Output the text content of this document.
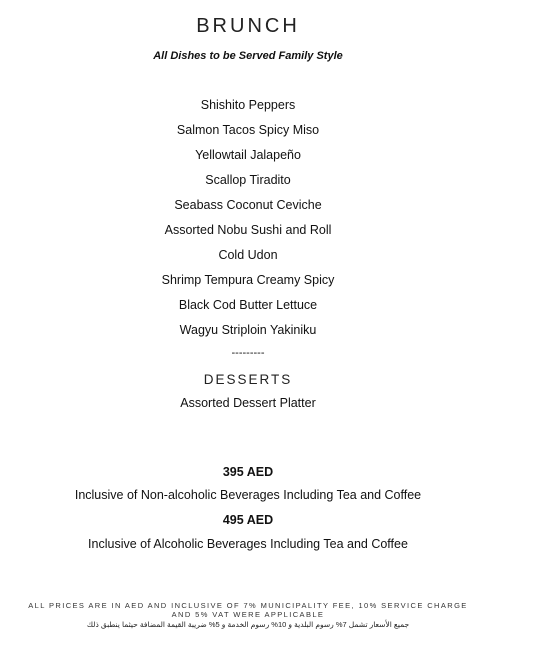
BRUNCH
All Dishes to be Served Family Style
Shishito Peppers
Salmon Tacos Spicy Miso
Yellowtail Jalapeño
Scallop Tiradito
Seabass Coconut Ceviche
Assorted Nobu Sushi and Roll
Cold Udon
Shrimp Tempura Creamy Spicy
Black Cod Butter Lettuce
Wagyu Striploin Yakiniku
---------
DESSERTS
Assorted Dessert Platter
395 AED
Inclusive of Non-alcoholic Beverages Including Tea and Coffee
495 AED
Inclusive of Alcoholic Beverages Including Tea and Coffee
ALL PRICES ARE IN AED AND INCLUSIVE OF 7% MUNICIPALITY FEE, 10% SERVICE CHARGE
AND 5% VAT WERE APPLICABLE
جميع الأسعار تشمل 7% رسوم البلدية و 10% رسوم الخدمة و 5% ضريبة القيمة المضافة حيثما ينطبق ذلك
